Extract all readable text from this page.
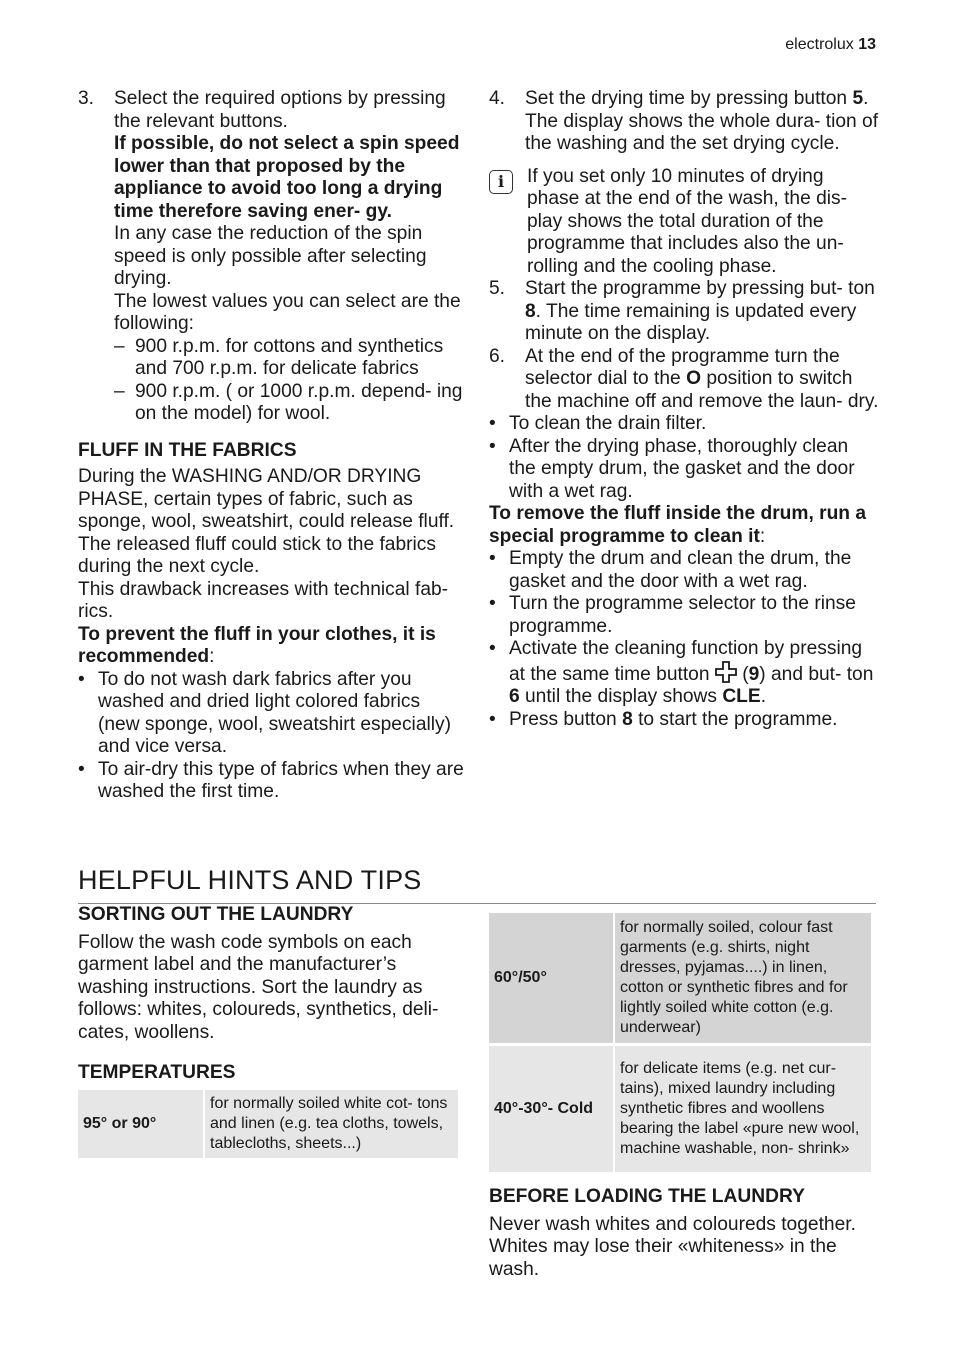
electrolux 13
3. Select the required options by pressing the relevant buttons.

If possible, do not select a spin speed lower than that proposed by the appliance to avoid too long a drying time therefore saving ener- gy.

In any case the reduction of the spin speed is only possible after selecting drying.

The lowest values you can select are the following:

– 900 r.p.m. for cottons and synthetics and 700 r.p.m. for delicate fabrics
– 900 r.p.m. ( or 1000 r.p.m. depend- ing on the model) for wool.

FLUFF IN THE FABRICS

During the WASHING AND/OR DRYING PHASE, certain types of fabric, such as sponge, wool, sweatshirt, could release fluff.

The released fluff could stick to the fabrics during the next cycle.

This drawback increases with technical fab- rics.

To prevent the fluff in your clothes, it is recommended:

• To do not wash dark fabrics after you washed and dried light colored fabrics (new sponge, wool, sweatshirt especially) and vice versa.
• To air-dry this type of fabrics when they are washed the first time.
4. Set the drying time by pressing button 5. The display shows the whole dura- tion of the washing and the set drying cycle.

i	If you set only 10 minutes of drying phase at the end of the wash, the dis- play shows the total duration of the programme that includes also the un- rolling and the cooling phase.

5. Start the programme by pressing but- ton 8. The time remaining is updated every minute on the display.

6. At the end of the programme turn the selector dial to the O position to switch the machine off and remove the laun- dry.

• To clean the drain filter.
• After the drying phase, thoroughly clean the empty drum, the gasket and the door with a wet rag.

To remove the fluff inside the drum, run a special programme to clean it:

• Empty the drum and clean the drum, the gasket and the door with a wet rag.
• Turn the programme selector to the rinse programme.
• Activate the cleaning function by pressing at the same time button  (9) and but- ton 6 until the display shows CLE.
• Press button 8 to start the programme.
HELPFUL HINTS AND TIPS

SORTING OUT THE LAUNDRY

Follow the wash code symbols on each garment label and the manufacturer’s washing instructions. Sort the laundry as follows: whites, coloureds, synthetics, deli- cates, woollens.

TEMPERATURES

95° or 90°	for normally soiled white cot- tons and linen (e.g. tea cloths, towels, tablecloths, sheets...)
60°/50°	for normally soiled, colour fast garments (e.g. shirts, night dresses, pyjamas....) in linen, cotton or synthetic fibres and for lightly soiled white cotton (e.g. underwear)

40°-30°- Cold	for delicate items (e.g. net cur- tains), mixed laundry including synthetic fibres and woollens bearing the label «pure new wool, machine washable, non- shrink»

BEFORE LOADING THE LAUNDRY

Never wash whites and coloureds together. Whites may lose their «whiteness» in the wash.
